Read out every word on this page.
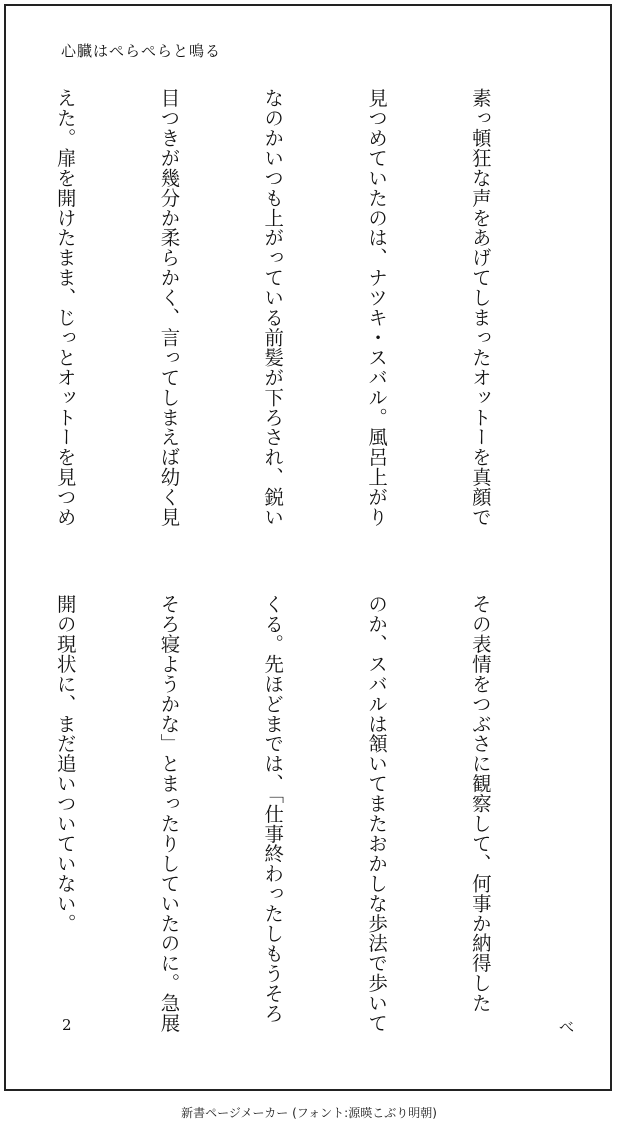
心臓はぺらぺらと鳴る

素っ頓狂な声をあげてしまったオットーを真顔で

見つめていたのは、ナツキ・スバル。風呂上がり

なのかいつも上がっている前髪が下ろされ、鋭い

目つきが幾分か柔らかく、言ってしまえば幼く見

えた。扉を開けたまま、じっとオットーを見つめ

その表情をつぶさに観察して、何事か納得した

のか、スバルは頷いてまたおかしな歩法で歩いて

くる。先ほどまでは、「仕事終わったしもうそろ

そろ寝ようかな」とまったりしていたのに。急展

開の現状に、まだ追いついていない。

2	べ
新書ページメーカー (フォント:源暎こぶり明朝)
